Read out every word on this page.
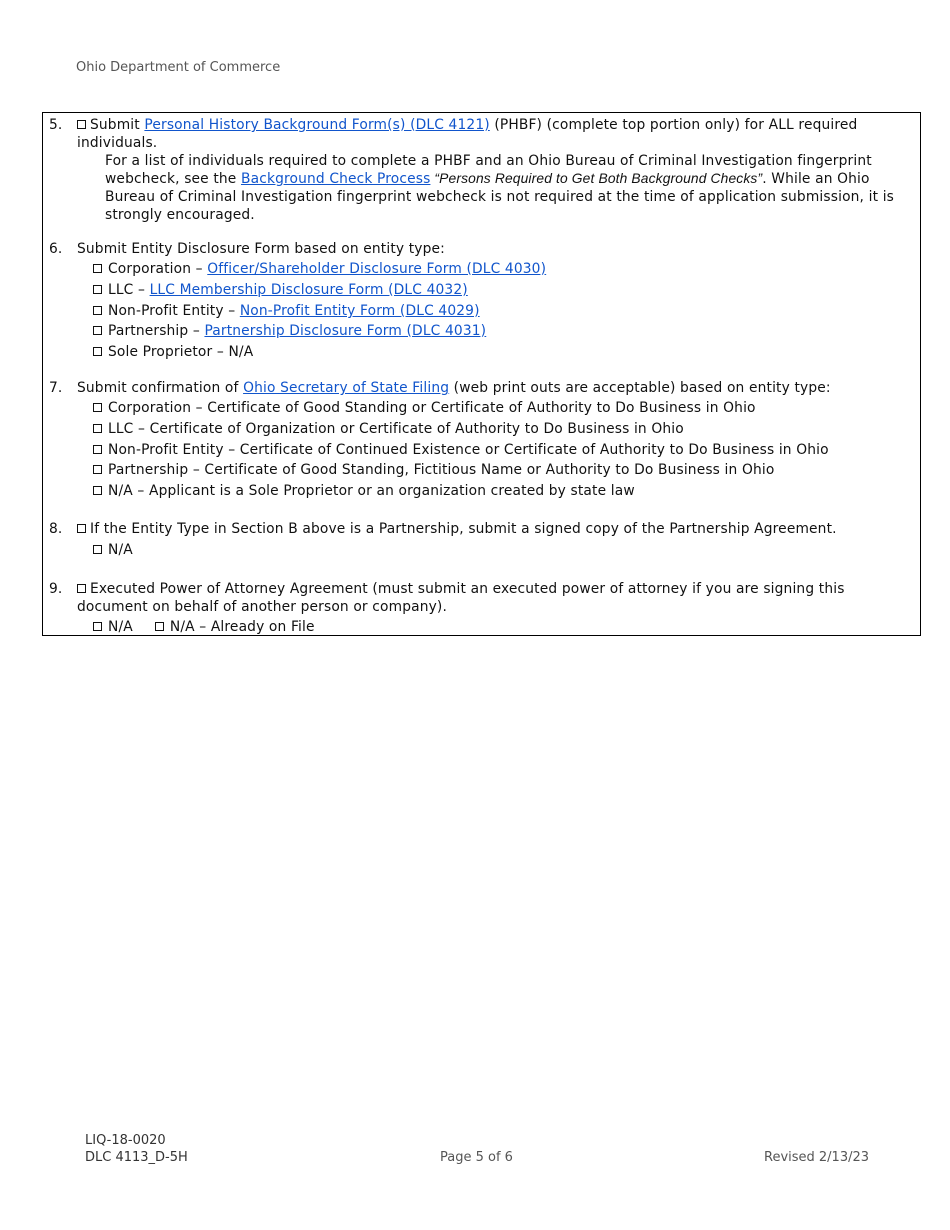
Ohio Department of Commerce
5.	Submit Personal History Background Form(s) (DLC 4121) (PHBF) (complete top portion only) for ALL required individuals.
For a list of individuals required to complete a PHBF and an Ohio Bureau of Criminal Investigation fingerprint webcheck, see the Background Check Process “Persons Required to Get Both Background Checks”. While an Ohio Bureau of Criminal Investigation fingerprint webcheck is not required at the time of application submission, it is strongly encouraged.
6. Submit Entity Disclosure Form based on entity type:
Corporation – Officer/Shareholder Disclosure Form (DLC 4030)
LLC – LLC Membership Disclosure Form (DLC 4032)
Non-Profit Entity – Non-Profit Entity Form (DLC 4029)
Partnership – Partnership Disclosure Form (DLC 4031)
Sole Proprietor – N/A
7. Submit confirmation of Ohio Secretary of State Filing (web print outs are acceptable) based on entity type:
Corporation – Certificate of Good Standing or Certificate of Authority to Do Business in Ohio
LLC – Certificate of Organization or Certificate of Authority to Do Business in Ohio
Non-Profit Entity – Certificate of Continued Existence or Certificate of Authority to Do Business in Ohio
Partnership – Certificate of Good Standing, Fictitious Name or Authority to Do Business in Ohio
N/A – Applicant is a Sole Proprietor or an organization created by state law
8.	If the Entity Type in Section B above is a Partnership, submit a signed copy of the Partnership Agreement.
N/A
9.	Executed Power of Attorney Agreement (must submit an executed power of attorney if you are signing this document on behalf of another person or company).
N/A	N/A – Already on File
LIQ-18-0020
DLC 4113_D-5H	Page 5 of 6	Revised 2/13/23
